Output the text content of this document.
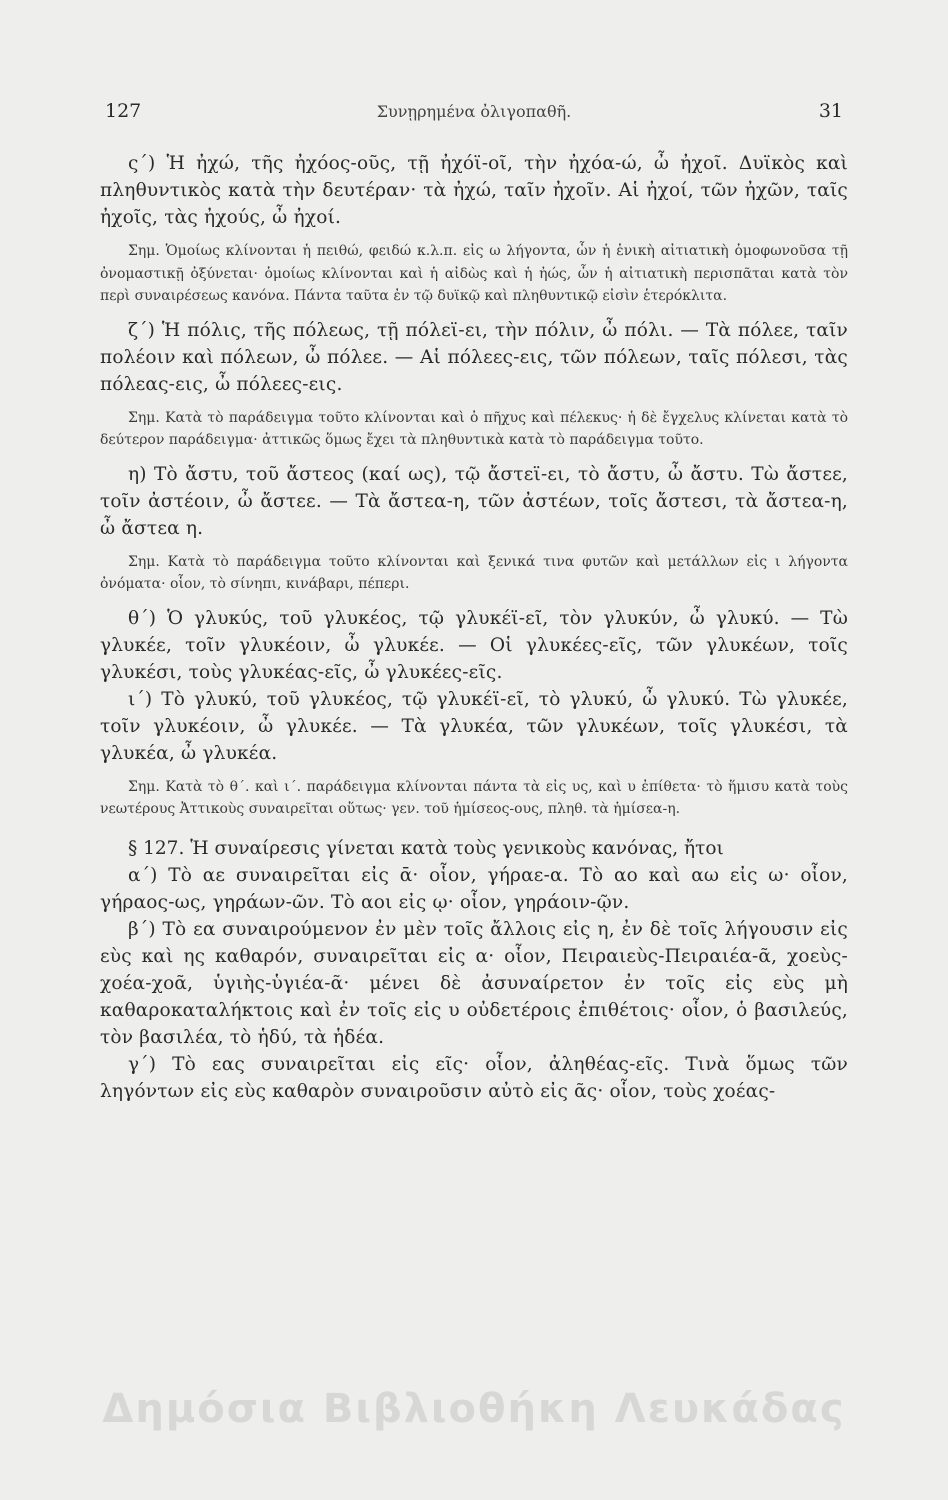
127	Συνῃρημένα ὀλιγοπαθῆ.	31

ς΄) Ἡ ἠχώ, τῆς ἠχόος-οῦς, τῇ ἠχόϊ-οῖ, τὴν ἠχόα-ώ, ὦ ἠχοῖ. Δυϊκὸς καὶ πληθυντικὸς κατὰ τὴν δευτέραν· τὰ ἠχώ, ταῖν ἠχοῖν. Αἱ ἠχοί, τῶν ἠχῶν, ταῖς ἠχοῖς, τὰς ἠχούς, ὦ ἠχοί.

Σημ. Ὁμοίως κλίνονται ἡ πειθώ, φειδώ κ.λ.π. εἰς ω λήγοντα, ὧν ἡ ἑνικὴ αἰτιατικὴ ὁμοφωνοῦσα τῇ ὀνομαστικῇ ὀξύνεται· ὁμοίως κλίνονται καὶ ἡ αἰδὼς καὶ ἡ ἠώς, ὧν ἡ αἰτιατικὴ περισπᾶται κατὰ τὸν περὶ συναιρέσεως κανόνα. Πάντα ταῦτα ἐν τῷ δυϊκῷ καὶ πληθυντικῷ εἰσὶν ἑτερόκλιτα.

ζ΄) Ἡ πόλις, τῆς πόλεως, τῇ πόλεϊ-ει, τὴν πόλιν, ὦ πόλι. — Τὰ πόλεε, ταῖν πολέοιν καὶ πόλεων, ὦ πόλεε. — Αἱ πόλεες-εις, τῶν πόλεων, ταῖς πόλεσι, τὰς πόλεας-εις, ὦ πόλεες-εις.

Σημ. Κατὰ τὸ παράδειγμα τοῦτο κλίνονται καὶ ὁ πῆχυς καὶ πέλεκυς· ἡ δὲ ἔγχελυς κλίνεται κατὰ τὸ δεύτερον παράδειγμα· ἀττικῶς ὅμως ἔχει τὰ πληθυντικὰ κατὰ τὸ παράδειγμα τοῦτο.

η) Τὸ ἄστυ, τοῦ ἄστεος (καί ως), τῷ ἄστεϊ-ει, τὸ ἄστυ, ὦ ἄστυ. Τὼ ἄστεε, τοῖν ἀστέοιν, ὦ ἄστεε. — Τὰ ἄστεα-η, τῶν ἀστέων, τοῖς ἄστεσι, τὰ ἄστεα-η, ὦ ἄστεα η.

Σημ. Κατὰ τὸ παράδειγμα τοῦτο κλίνονται καὶ ξενικά τινα φυτῶν καὶ μετάλλων εἰς ι λήγοντα ὀνόματα· οἷον, τὸ σίνηπι, κινάβαρι, πέπερι.

θ΄) Ὁ γλυκύς, τοῦ γλυκέος, τῷ γλυκέϊ-εῖ, τὸν γλυκύν, ὦ γλυκύ. — Τὼ γλυκέε, τοῖν γλυκέοιν, ὦ γλυκέε. — Οἱ γλυκέες-εῖς, τῶν γλυκέων, τοῖς γλυκέσι, τοὺς γλυκέας-εῖς, ὦ γλυκέες-εῖς.

ι΄) Τὸ γλυκύ, τοῦ γλυκέος, τῷ γλυκέϊ-εῖ, τὸ γλυκύ, ὦ γλυκύ. Τὼ γλυκέε, τοῖν γλυκέοιν, ὦ γλυκέε. — Τὰ γλυκέα, τῶν γλυκέων, τοῖς γλυκέσι, τὰ γλυκέα, ὦ γλυκέα.

Σημ. Κατὰ τὸ θ΄. καὶ ι΄. παράδειγμα κλίνονται πάντα τὰ εἰς υς, καὶ υ ἐπίθετα· τὸ ἥμισυ κατὰ τοὺς νεωτέρους Ἀττικοὺς συναιρεῖται οὕτως· γεν. τοῦ ἡμίσεος-ους, πληθ. τὰ ἡμίσεα-η.

§ 127. Ἡ συναίρεσις γίνεται κατὰ τοὺς γενικοὺς κανόνας, ἤτοι

α΄) Τὸ αε συναιρεῖται εἰς ᾱ· οἷον, γήραε-α. Τὸ αο καὶ αω εἰς ω· οἷον, γήραος-ως, γηράων-ῶν. Τὸ αοι εἰς ῳ· οἷον, γηράοιν-ῷν.

β΄) Τὸ εα συναιρούμενον ἐν μὲν τοῖς ἄλλοις εἰς η, ἐν δὲ τοῖς λήγουσιν εἰς εὺς καὶ ης καθαρόν, συναιρεῖται εἰς α· οἷον, Πειραιεὺς-Πειραιέα-ᾶ, χοεὺς-χοέα-χοᾶ, ὑγιὴς-ὑγιέα-ᾶ· μένει δὲ ἀσυναίρετον ἐν τοῖς εἰς εὺς μὴ καθαροκαταλήκτοις καὶ ἐν τοῖς εἰς υ οὐδετέροις ἐπιθέτοις· οἷον, ὁ βασιλεύς, τὸν βασιλέα, τὸ ἡδύ, τὰ ἡδέα.

γ΄) Τὸ εας συναιρεῖται εἰς εῖς· οἷον, ἀληθέας-εῖς. Τινὰ ὅμως τῶν ληγόντων εἰς εὺς καθαρὸν συναιροῦσιν αὐτὸ εἰς ᾶς· οἷον, τοὺς χοέας-

Δημόσια Βιβλιοθήκη Λευκάδας
